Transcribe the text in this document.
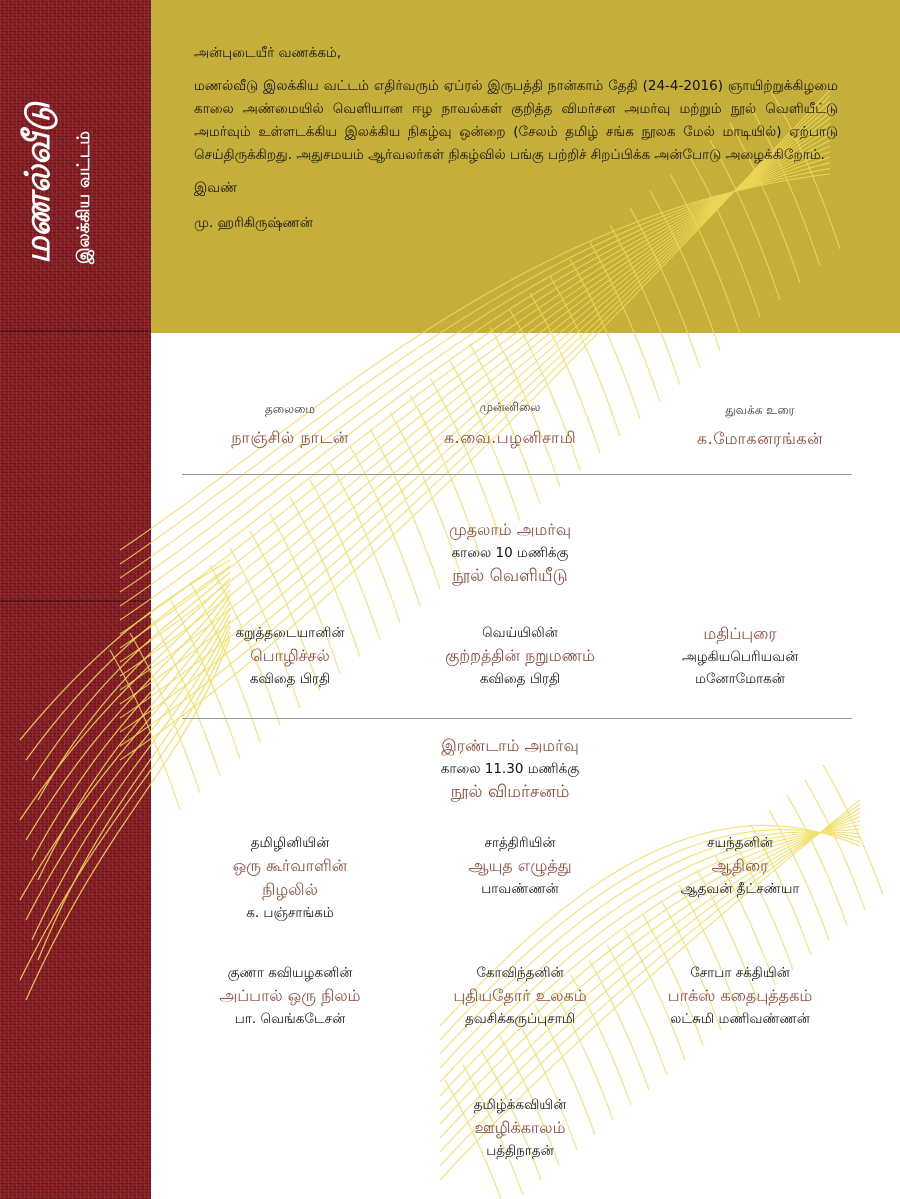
மணல்வீடு இலக்கிய வட்டம்

அன்புடையீர் வணக்கம்,

மணல்வீடு இலக்கிய வட்டம் எதிர்வரும் ஏப்ரல் இருபத்தி நான்காம் தேதி (24-4-2016) ஞாயிற்றுக்கிழமை காலை அண்மையில் வெளியான ஈழ நாவல்கள் குறித்த விமர்சன அமர்வு மற்றும் நூல் வெளியீட்டு அமர்வும் உள்ளடக்கிய இலக்கிய நிகழ்வு ஒன்றை (சேலம் தமிழ் சங்க நூலக மேல் மாடியில்) ஏற்பாடு செய்திருக்கிறது. அதுசமயம் ஆர்வலர்கள் நிகழ்வில் பங்கு பற்றிச் சிறப்பிக்க அன்போடு அழைக்கிறோம்.

இவண்

மு. ஹரிகிருஷ்ணன்

தலைமை
நாஞ்சில் நாடன்
முன்னிலை
க.வை.பழனிசாமி
துவக்க உரை
க.மோகனரங்கன்
முதலாம் அமர்வு
காலை 10 மணிக்கு
நூல் வெளியீடு
கறுத்தடையானின்
பொழிச்சல்
கவிதை பிரதி
வெய்யிலின்
குற்றத்தின் நறுமணம்
கவிதை பிரதி
மதிப்புரை
அழகியபெரியவன்
மனோமோகன்
இரண்டாம் அமர்வு
காலை 11.30 மணிக்கு
நூல் விமர்சனம்
தமிழினியின்
ஒரு கூர்வாளின்
நிழலில்
க. பஞ்சாங்கம்
சாத்திரியின்
ஆயுத எழுத்து
பாவண்ணன்
சயந்தனின்
ஆதிரை
ஆதவன் தீட்சண்யா
குணா கவியழகனின்
அப்பால் ஒரு நிலம்
பா. வெங்கடேசன்
கோவிந்தனின்
புதியதோர் உலகம்
தவசிக்கருப்புசாமி
சோபா சக்தியின்
பாக்ஸ் கதைபுத்தகம்
லட்சுமி மணிவண்ணன்
தமிழ்க்கவியின்
ஊழிக்காலம்
பத்திநாதன்
